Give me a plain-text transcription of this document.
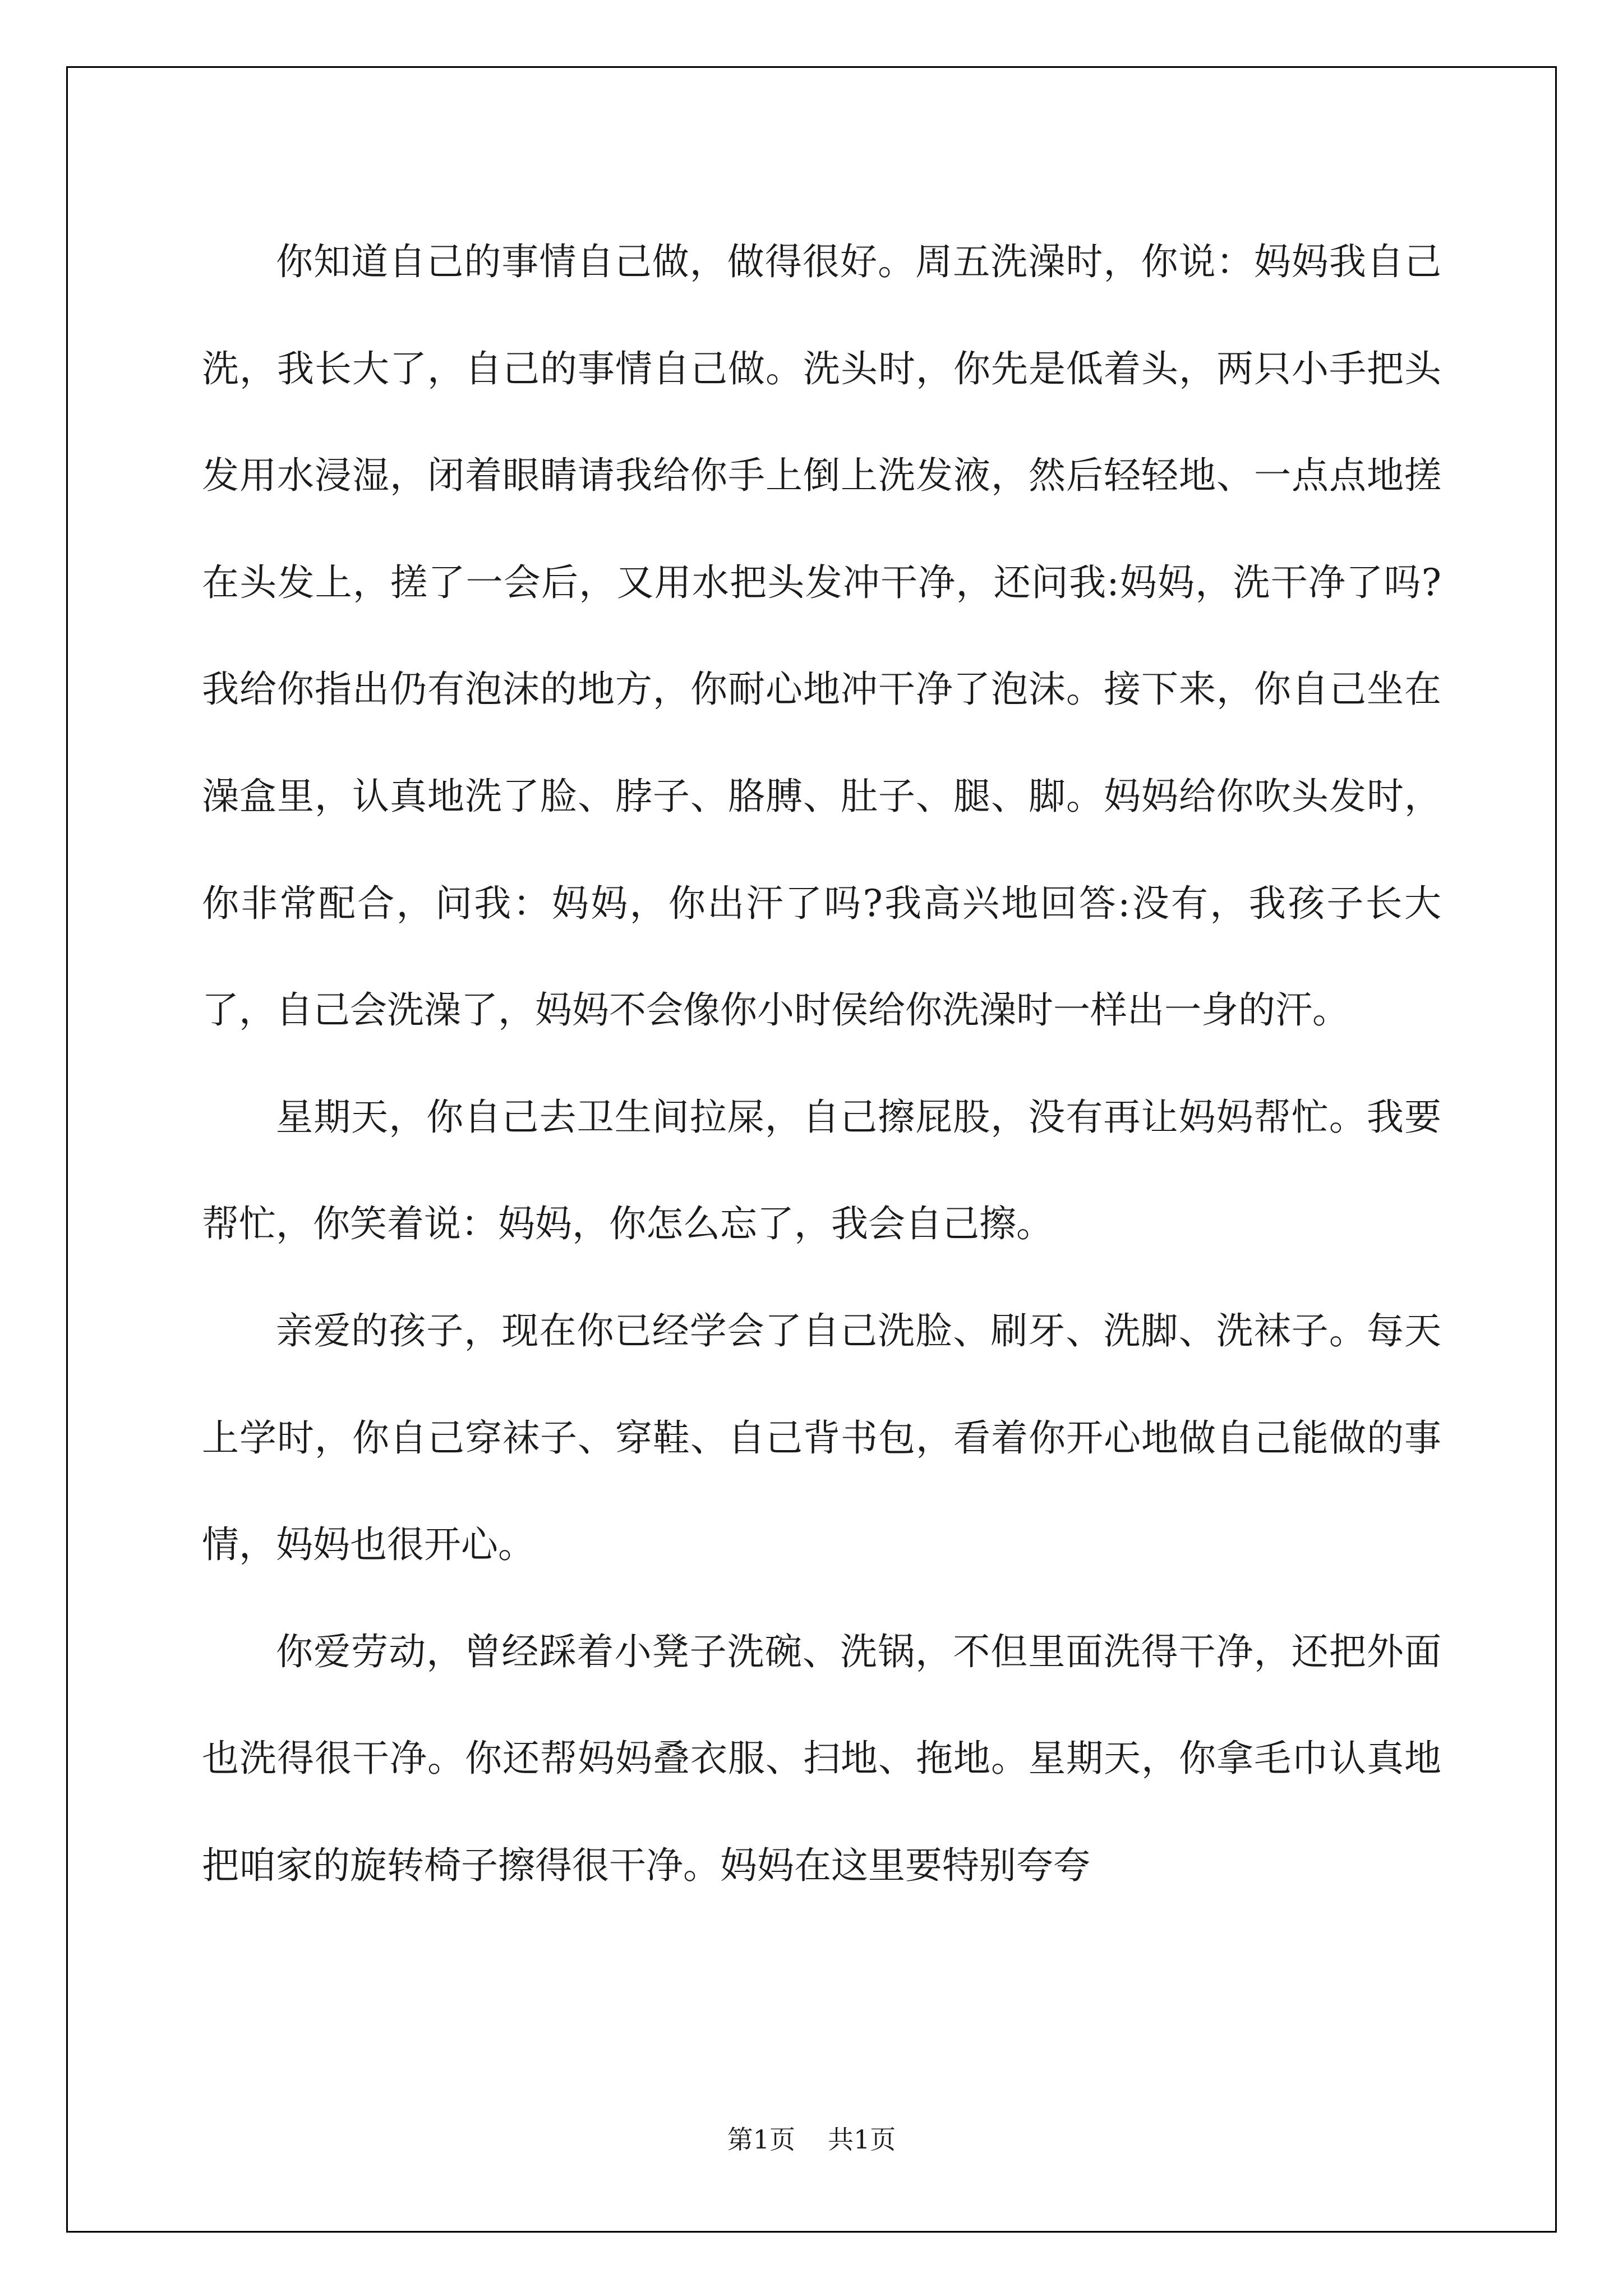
你知道自己的事情自己做，做得很好。周五洗澡时，你说：妈妈我自己洗，我长大了，自己的事情自己做。洗头时，你先是低着头，两只小手把头发用水浸湿，闭着眼睛请我给你手上倒上洗发液，然后轻轻地、一点点地搓在头发上，搓了一会后，又用水把头发冲干净，还问我:妈妈，洗干净了吗?我给你指出仍有泡沫的地方，你耐心地冲干净了泡沫。接下来，你自己坐在澡盒里，认真地洗了脸、脖子、胳膊、肚子、腿、脚。妈妈给你吹头发时，你非常配合，问我：妈妈，你出汗了吗?我高兴地回答:没有，我孩子长大了，自己会洗澡了，妈妈不会像你小时侯给你洗澡时一样出一身的汗。

星期天，你自己去卫生间拉屎，自己擦屁股，没有再让妈妈帮忙。我要帮忙，你笑着说：妈妈，你怎么忘了，我会自己擦。

亲爱的孩子，现在你已经学会了自己洗脸、刷牙、洗脚、洗袜子。每天上学时，你自己穿袜子、穿鞋、自己背书包，看着你开心地做自己能做的事情，妈妈也很开心。

你爱劳动，曾经踩着小凳子洗碗、洗锅，不但里面洗得干净，还把外面也洗得很干净。你还帮妈妈叠衣服、扫地、拖地。星期天，你拿毛巾认真地把咱家的旋转椅子擦得很干净。妈妈在这里要特别夸夸

第1页 共1页
